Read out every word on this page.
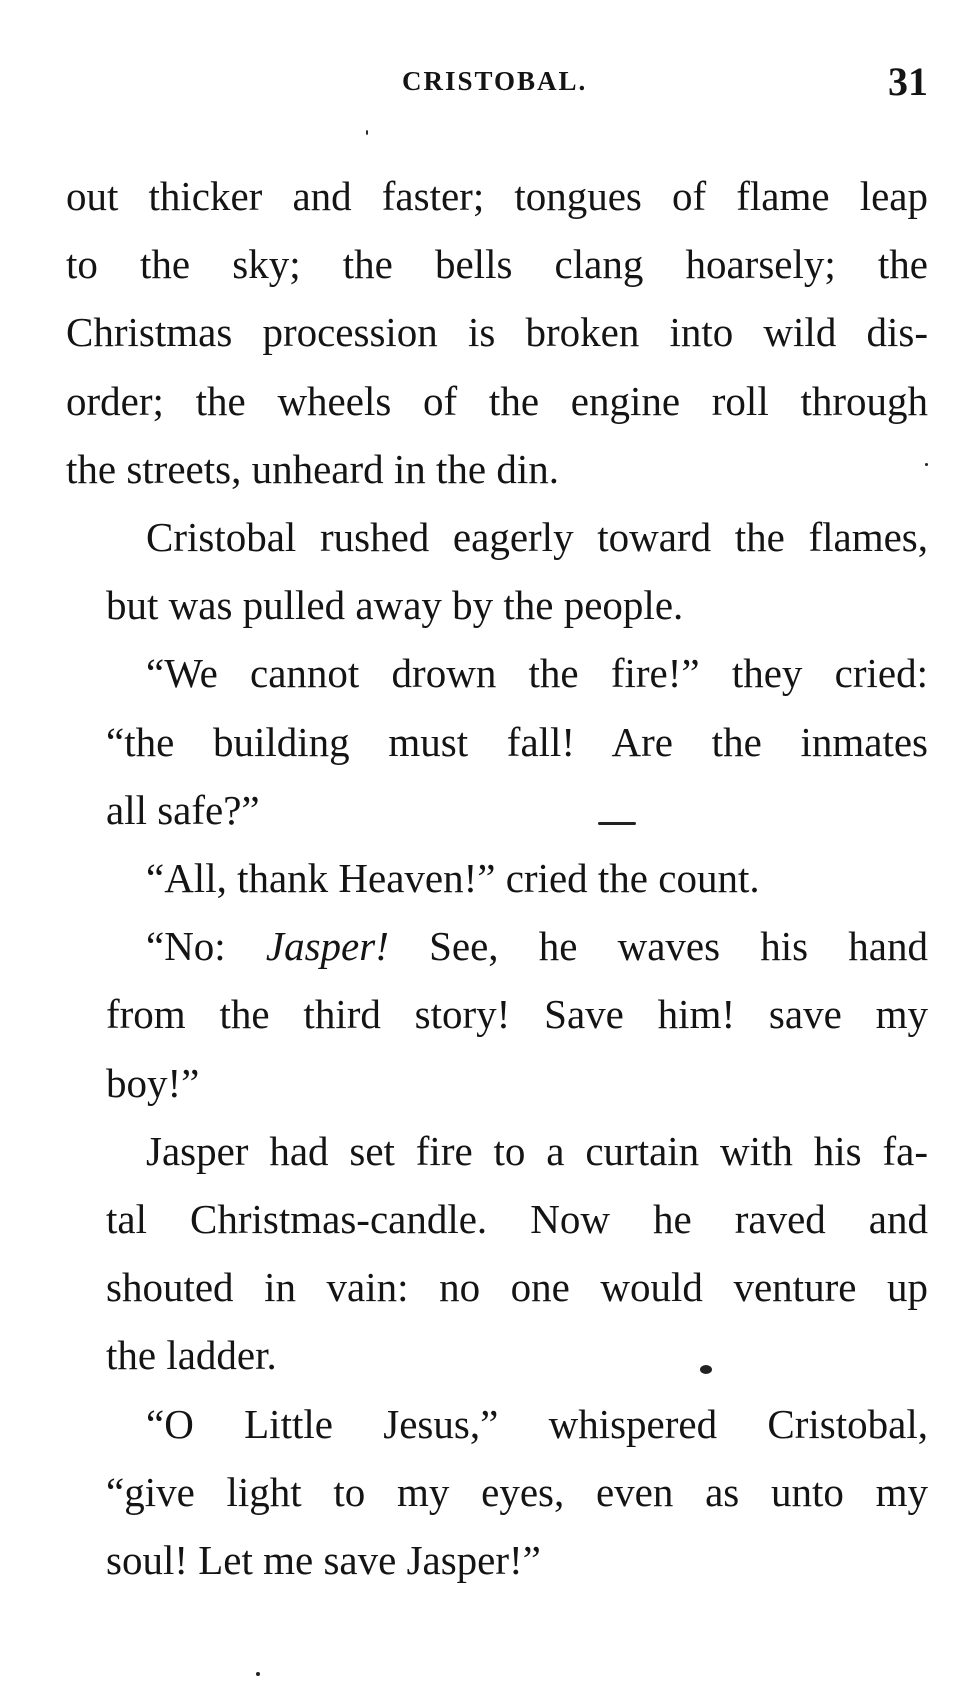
CRISTOBAL.	31

out thicker and faster; tongues of flame leap
to the sky; the bells clang hoarsely; the
Christmas procession is broken into wild dis-
order; the wheels of the engine roll through
the streets, unheard in the din.

Cristobal rushed eagerly toward the flames,
but was pulled away by the people.

“We cannot drown the fire!” they cried:
“the building must fall! Are the inmates
all safe?”

“All, thank Heaven!” cried the count.

“No: Jasper! See, he waves his hand
from the third story! Save him! save my
boy!”

Jasper had set fire to a curtain with his fa-
tal Christmas-candle. Now he raved and
shouted in vain: no one would venture up
the ladder.

“O Little Jesus,” whispered Cristobal,
“give light to my eyes, even as unto my
soul! Let me save Jasper!”
